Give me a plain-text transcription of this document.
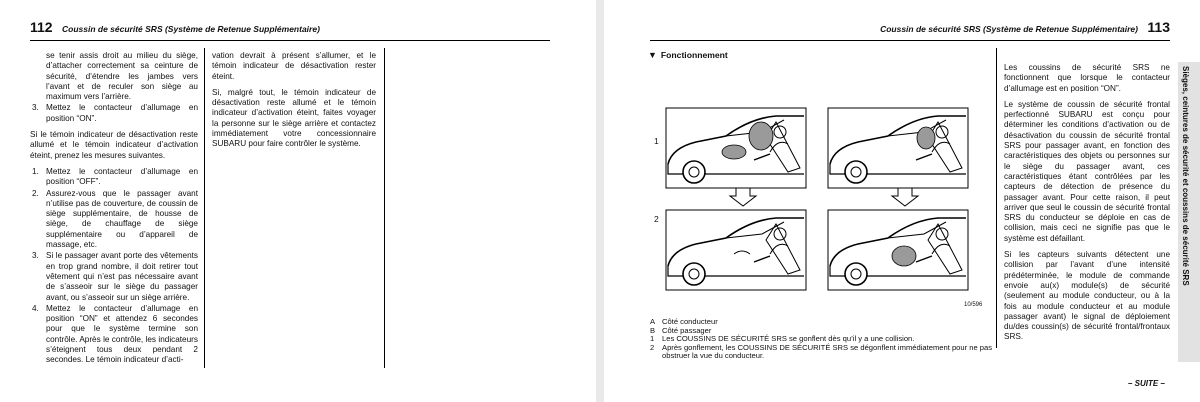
112 Coussin de sécurité SRS (Système de Retenue Supplémentaire)
se tenir assis droit au milieu du siège, d’attacher correctement sa ceinture de sécurité, d’étendre les jambes vers l’avant et de reculer son siège au maximum vers l’arrière.
3. Mettez le contacteur d’allumage en position “ON”.

Si le témoin indicateur de désactivation reste allumé et le témoin indicateur d’activation éteint, prenez les mesures suivantes.

1. Mettez le contacteur d’allumage en position “OFF”.
2. Assurez-vous que le passager avant n’utilise pas de couverture, de coussin de siège supplémentaire, de housse de siège, de chauffage de siège supplémentaire ou d’appareil de massage, etc.
3. Si le passager avant porte des vêtements en trop grand nombre, il doit retirer tout vêtement qui n’est pas nécessaire avant de s’asseoir sur le siège du passager avant, ou s’asseoir sur un siège arrière.
4. Mettez le contacteur d’allumage en position “ON” et attendez 6 secondes pour que le système termine son contrôle. Après le contrôle, les indicateurs s’éteignent tous deux pendant 2 secondes. Le témoin indicateur d’acti-

vation devrait à présent s’allumer, et le témoin indicateur de désactivation rester éteint.

Si, malgré tout, le témoin indicateur de désactivation reste allumé et le témoin indicateur d’activation éteint, faites voyager la personne sur le siège arrière et contactez immédiatement votre concessionnaire SUBARU pour faire contrôler le système.

Coussin de sécurité SRS (Système de Retenue Supplémentaire) 113
▼ Fonctionnement
1
2
10/596
A Côté conducteur
B Côté passager
1 Les COUSSINS DE SÉCURITÉ SRS se gonflent dès qu’il y a une collision.
2 Après gonflement, les COUSSINS DE SÉCURITÉ SRS se dégonflent immédiatement pour ne pas obstruer la vue du conducteur.

Les coussins de sécurité SRS ne fonctionnent que lorsque le contacteur d’allumage est en position “ON”.

Le système de coussin de sécurité frontal perfectionné SUBARU est conçu pour déterminer les conditions d’activation ou de désactivation du coussin de sécurité frontal SRS pour passager avant, en fonction des caractéristiques des objets ou personnes sur le siège du passager avant, ces caractéristiques étant contrôlées par les capteurs de détection de présence du passager avant. Pour cette raison, il peut arriver que seul le coussin de sécurité frontal SRS du conducteur se déploie en cas de collision, mais ceci ne signifie pas que le système est défaillant.

Si les capteurs suivants détectent une collision par l’avant d’une intensité prédéterminée, le module de commande envoie au(x) module(s) de sécurité (seulement au module conducteur, ou à la fois au module conducteur et au module passager avant) le signal de déploiement du/des coussin(s) de sécurité frontal/frontaux SRS.

Sièges, ceintures de sécurité et coussins de sécurité SRS
– SUITE –
